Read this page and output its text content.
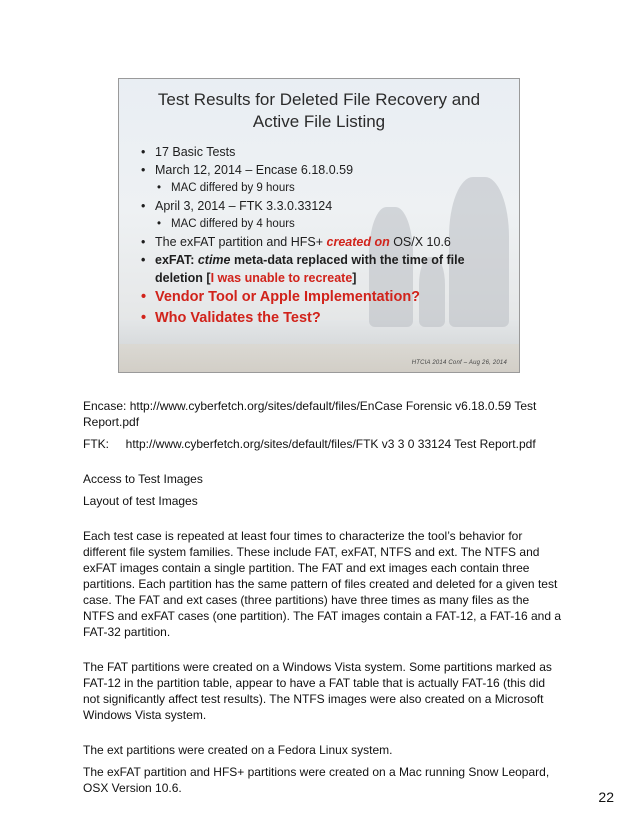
Test Results for Deleted File Recovery and
Active File Listing
• 17 Basic Tests
• March 12, 2014 – Encase 6.18.0.59
• MAC differed by 9 hours
• April 3, 2014 – FTK 3.3.0.33124
• MAC differed by 4 hours
• The exFAT partition and HFS+ created on OS/X 10.6
• exFAT: ctime meta-data replaced with the time of file deletion [I was unable to recreate]
• Vendor Tool or Apple Implementation?
• Who Validates the Test?
HTCIA 2014 Conf – Aug 26, 2014

Encase: http://www.cyberfetch.org/sites/default/files/EnCase Forensic v6.18.0.59 Test Report.pdf

FTK:     http://www.cyberfetch.org/sites/default/files/FTK v3 3 0 33124 Test Report.pdf

Access to Test Images

Layout of test Images

Each test case is repeated at least four times to characterize the tool’s behavior for different file system families. These include FAT, exFAT, NTFS and ext. The NTFS and exFAT images contain a single partition. The FAT and ext images each contain three partitions. Each partition has the same pattern of files created and deleted for a given test case. The FAT and ext cases (three partitions) have three times as many files as the NTFS and exFAT cases (one partition). The FAT images contain a FAT-12, a FAT-16 and a FAT-32 partition.

The FAT partitions were created on a Windows Vista system. Some partitions marked as FAT-12 in the partition table, appear to have a FAT table that is actually FAT-16 (this did not significantly affect test results). The NTFS images were also created on a Microsoft Windows Vista system.

The ext partitions were created on a Fedora Linux system.

The exFAT partition and HFS+ partitions were created on a Mac running Snow Leopard, OSX Version 10.6.

22
